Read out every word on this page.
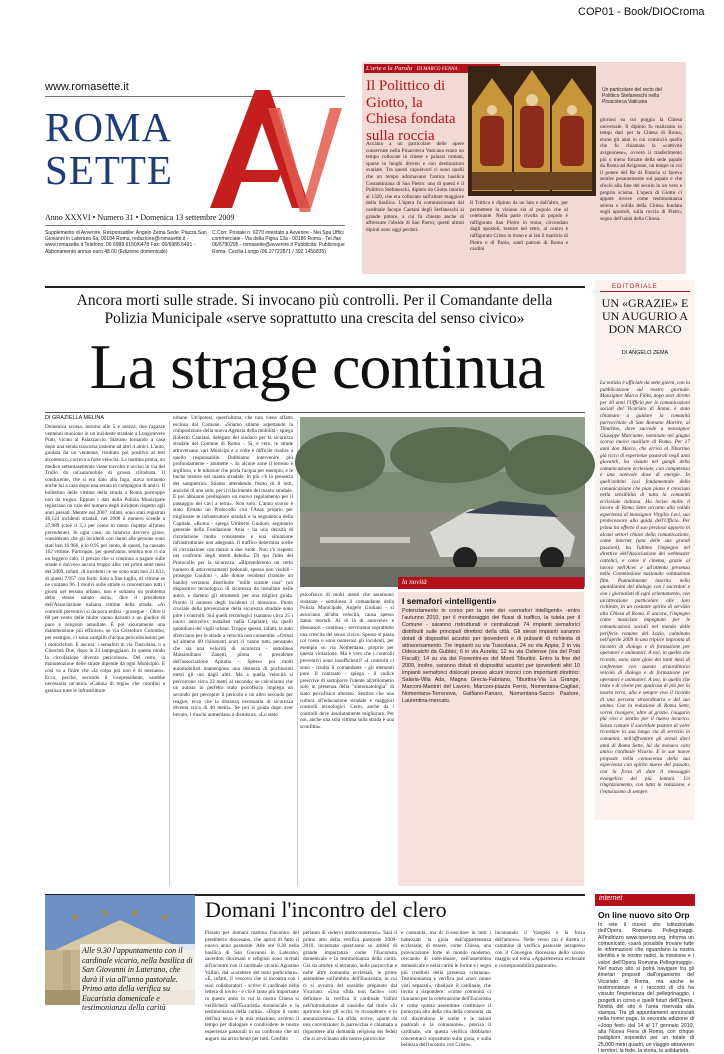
COP01 - Book/DIOCroma
www.romasette.it
ROMA
SETTE
Anno XXXVI • Numero 31 • Domenica 13 settembre 2009
Supplemento di Avvenire, Responsabile: Angelo Zema Sede: Piazza San Giovanni in Laterano 6a, 00184 Roma, redazione@romasette.it - www.romasette.it Telefono: 06 6988.6150/6478 Fax: 06/6988.6491 - Abbonamento annuo euro 48.00 (Edizione domenicale)
C.Corr. Postale n. 6270 intestato a Avvenire - Nei Spa Uffici commerciale - Via della Pigna 13a - 00186 Roma - Tel./fax 06/6790295 - romasette@avvenire.it Pubblicità: Publicinque Roma- Cecilia Longo (06.37722871 / 392 1456835)
L'arte e la Parola DI MARCO FENNA
Il Polittico di Giotto, la Chiesa fondata sulla roccia
Accanto a un particolare delle opere conservate nella Pinacoteca Vaticana erano un tempo collocate in chiese e palazzi romani, sparse in luoghi diversi e con destinazioni svariate. Tra questi capolavori ci sono quelli che un tempo adornavano l'antica basilica Costantiniana di San Pietro: uno di questi è il Polittico Stefaneschi, dipinto da Giotto intorno al 1320, che era collocato sull'altare maggiore della basilica. L'opera fu commissionata dal cardinale Iacopo Caetani degli Stefaneschi al grande pittore, a cui fu chiesto anche di affrescare l'abside di San Pietro; questi ultimi dipinti sono oggi perduti.
Il Trittico è dipinto da un lato e dall'altro, per permettere la visione sia al popolo che al celebrante. Nella parte rivolta al popolo è raffigurato San Pietro in trono, circondato dagli apostoli, mentre nel retro, al centro è raffigurato Cristo in trono e ai lati il martirio di Pietro e di Paolo, santi patroni di Roma e cardini
Un particolare del recto del Polittico Stefaneschi nella Pinacoteca Vaticana
gloriosi su cui poggia la Chiesa universale. Il dipinto fu realizzato in tempi duri per la Chiesa di Roma, erano gli anni in cui cominciò quella che fu chiamata la «cattività avignonese», ovvero il trasferimento più o meno forzato della sede papale da Roma ad Avignone, un tempo in cui il potere del Re di Francia si faceva sentire pesantemente sul papato e che sfociò alla fine del secolo in un vero e proprio scisma. L'opera di Giotto ci appare invece come testimonianza serena e solida della Chiesa fondata sugli apostoli, sulla roccia di Pietro, segno dell'unità della Chiesa.
Ancora morti sulle strade. Si invocano più controlli. Per il Comandante della Polizia Municipale «serve soprattutto una crescita del senso civico»
La strage continua
DI GRAZIELLA MELINA
Domenica scorsa, intorno alle 5 e mezza, due ragazze ventenni muoiono in un incidente stradale a Lungotevere Prati, vicino al Palazzaccio. Stavano tornando a casa dopo una serata trascorsa insieme ad altri 4 amici. L'auto, guidata da un ventenne, risultato poi positivo al test alcolemico, correva a forte velocità. La mattina prima, un medico settantasettenne viene travolto e ucciso in via del Trullo da un'automobile di grossa cilindrata. Il conducente, che si era dato alla fuga, stava tornando anche lui a casa dopo una serata in compagnia di amici. Il bollettino delle vittime della strada a Roma purtroppo non da tregua. Eppure i dati della Polizia Municipale registrano un calo del numero degli incidenti rispetto agli anni passati. Mentre nel 2007, infatti, sono stati registrati 40.124 incidenti stradali, nel 2008 il numero scende a 37.989 (cioè il 5,3 per cento in meno rispetto all'anno precedente). In ogni caso, un bilancio davvero grave, considerato che gli incidenti con danni alle persone sono stati ben 16.966, e lo 0,95 per cento, di questi, ha causato 162 vittime. Purtroppo, per quest'anno, sembra non ci sia un leggero calo, il prezzo che si continua a pagare sulle strade è davvero ancora troppo alto: nei primi sette mesi del 2009, infatti, di incidenti ce ne sono stati ben 21.832, di questi 7.957 con feriti. Sino a fine luglio, di vittime se ne contano 96. I motivi sulle strade si concentrano tutti i giorni nel tessuto urbano, non è soltanto un problema dello stesso sabato sera», dice il presidente dell'Associazione italiana vittime della strada. «Ai controlli preventivi si da poca enfasi - prosegue -. Oltre il 60 per cento delle multe vanno davanti a un giudice di pace e vengono annullate. È poi sicuramente una manutenzione più efficace» su via Cristoforo Colombo, per esempio, ci sono zampilli d'acqua pericolosissimi per i motociclisti. E ancora: i semafori in via Tuscolana, o a Cinecittà Due, dopo le 23 lampeggiano. In questo modo la circolazione diventa pericolosa». Del resto, la manutenzione delle strade dipende da ogni Municipio. E così va a finire che «la colpa poi non è di nessuno». Ecco, perché, secondo il vicepresidente, sarebbe necessaria un'unica «Cabina di regia» che coordini e gestisca tutte le infrastrutture
urbane. Un'ipotesi, quest'ultima, che non viene affatto esclusa dal Comune. «Stiamo stiamo aspettando la composizione della nuova Agenzia della mobilità - spiega Roberto Cantiani, delegato del sindaco per la sicurezza stradale del Comune di Roma -. Sì, è vero, le strade attraversano vari Municipi e a volte è difficile risalire a quello responsabile. Dobbiamo intervenire più profondamente - ammette -. In alcune zone il terreno è argilloso, e le tubature che porta l'acqua per esempio, e le buche mentre nel manto stradale, in più c'è la presenza dei sampietrini. Stiamo attendendo l'esito di 8 lotti, anziché di uno solo, per il rifacimento del manto stradale. E poi abbiamo predisposto un nuovo regolamento per il passaggio dei cavi a terra». Non solo. L'anno scorso è stato firmato un Protocollo con l'Anas proprio per migliorare le infrastrutture stradali e la segnaletica della Capitale. «Roma - spiega Umberto Guidoni, segretario generale della Fondazione Ania - ha una densità di circolazione molto consistente e una situazione infrastrutturale non adeguata. Il traffico determina scelte di circolazione con mezzi a due ruote. Non c'è rispetto nei confronti degli utenti deboli». Di qui l'idea del Protocollo per la sicurezza. «Riprenderemo un certo numero di attraversamenti pedonali, spesso non visibili - prosegue Guidoni -, alle donne residenti (tramite un bando) verranno distribuite "mille scatole rosa" (un dispositivo tecnologico di sicurezza da installare nelle auto), e daremo gli strumenti per una miglior guida. Pronto il numero degli incidenti ci monsono. Punto cruciale della prevenzione della sicurezza stradale sono pure i controlli. Sui quelli tecnologici (saranno circa 25 i nuovi autovelox installati nella Capitale), sia quelli quotidiani dei vigili urbani. Troppo spesso, infatti, le auto sfrecciano per le strade a velocità non consentite. «Ormai ad almeno 60 chilometri orari ci vanno tutti, pensando che sia una velocità di sicurezza - sottolinea Massimiliano Zanetti, pilota e presidente dell'associazione Apitalia -. Spesso poi molti automobilisti mantengono una distanza di pochissimi metri gli uni dagli altri. Ma a quella velocità si percorrono circa 22 metri al secondo; se calcoliamo che un autista in perfetto stato psicofisico impiega un secondo per percepire il pericolo e un altro secondo per reagire, ecco che la distanza necessaria di sicurezza diventa circa di 40 metri». Se poi si guida dopo aver bevuto, i riuschi aumentano a dismisura. «Lo stato
la novità
I semafori «intelligenti»
Potenziamento in corso per la rete dei «semafori intelligenti» -entro l'autunno 2010, per il monitoraggio dei flussi di traffico, la tutela per il Comune - saranno ristrutturati e centralizzati 74 impianti semaforici distribuiti sulle principali direttrici della città. Gli stessi impianti saranno dotati di dispositivi acustici per ipovedenti e di pulsanti di richiesta di attraversamento. Tre impianti su via Tuscolana, 24 su via Appia; 2 in via Odescalchi da Gubbio; 6 in via Aurelia; 12 su via Ostiense (via del Prati Fiscali); 14 su via dei Fiorentini-ex del Monti Tiburtini. Entro la fine del 2009, inoltre, saranno dotati di dispositivi acustici per ipovedenti altri 10 impianti semaforici dislocati presso alcuni incroci con importanti direttrici: Salaria-Villa Ada, Magna Grecia-Fabriano, Tiburtina-Via La Grange, Marconi-Mantriri del Lavoro, Marconi-piazza Ferris, Nomentana-Cagliari, Nomentana-Torrenova, Galfiano-Panaro, Nomentana-Sacco Pastore, Laurentina-mercato.
psicofisico di molti utenti che assumono sostanze - sottolinea il comandante della Polizia Municipale, Angelo Giuliani - si associano all'alta velocità, causa spesso danni mortali. Al di là di autovelox e dissuasori - continua - serviranno soprattutto una crescita del senso civico. Spesso si passa col rosso e sono numerosi gli incidenti, per esempio su via Nomentana, proprio per questa violazione. Ma è vero che i controlli preventivi sono insufficienti? «I controlli ci sono - risulta il comandante - gli elementi pure. Il contrasto - spiega - il codice prescrive di sottoporre l'utente all'etilometro solo in presenza della "sintomatologia" di stato psicofisico alterato. Sembra che una cultura all'educazione stradale e maggiori controlli tecnologici. Certo, anche da i controlli deve assolutamente migliorare. Per noi, anche una sola vittima sulla strada è una sconfitta».
EDITORIALE
UN «GRAZIE» E UN AUGURIO A DON MARCO
DI ANGELO ZEMA
La notizia è ufficiale da sette giorni, con la pubblicazione sul nostro giornale. Monsignor Marco Fibbi, dopo aver diretto per 10 anni l'Ufficio per le comunicazioni sociali del Vicariato di Roma, è stato chiamato a guidare la comunità parrocchiale di San Romano Martire, al Tiburtino, dove succede a monsignor Giuseppe Marciante, nominato nel giugno scorso nuovo ausiliare di Roma. Per 17 anni don Marco, che arriva al Tiburtino già ricco di esperienze pastorali negli anni giovanili, ha vissuto nei gangli della comunicazione ecclesiale, con competenza e una notevole dose di energie. In quell'ambito così fondamentale della comunicazione che pian piano è cresciuto nella sensibilità di tutta la comunità ecclesiale italiana. Ha inciso molto il lavoro di Roma Sette accanto alla valida esperienza di monsignor Virgilio Levi, suo predecessore alla guida dell'Ufficio. Per prima ha offerto il suo prezioso apporto in alcuni settori chiave della comunicazione, come internet (una delle sue grandi passioni), ha l'ultimo l'impegno nel direttivo dell'Associazione dei webmaster cattolici, e come il cinema, grazie al lavoro nell'Acec e all'attenta presenza nella Commissione nazionale valutazione film. Puntualmente inserito nella quotidianità del dialogo con i sacerdoti e con i giornalisti di ogni orientamento, con un'attenzione particolare alle loro richieste, in un costante spirito di servizio alla Chiesa di Roma. E ancora, l'impegno come musicista impegnato per le comunicazioni sociali nel mondo delle periferie romane del Lazio, culminato nell'aprile 2009 in una triplice impronta di incontri di dialogo e di formazione per operatori e animatori. A noi, in quello che ricordo, sono state gioie dei tanti mesi di conferenze con questo straordinario veicolo di dialogo e di formazione per operatori e animatori. A noi, in quello che resta e di vivere per qualcosa di più per la nostra terra, alla e sempre vivo il ricordo di una persona straordinaria e del suo animo. Con la redazione di Roma Sette, vorrei rivolgere, oltre al grazie, l'augurio più vivo e sentito per il nuovo incarico. Senza contare il sacerdote pastore di voler ricordare la sua lunga via di servizio in comunità, nell'affrontare gli ormai dieci anni di Roma Sette, lui da monaco caro amico cardinale Vicario. E le sue nuove proposte nella conoscenza della sua esperienza con spirito nuovo del passato, con la forza di dare il messaggio evangelico dei più lontani. Un ringraziamento, con tutta la redazione, e l'entusiasmo di sempre.
Alle 9.30 l'appuntamento con il cardinale vicario, nella basilica di San Giovanni in Laterano, che darà il via all'anno pastorale. Primo atto della verifica su Eucaristia domenicale e testimonianza della carità
Domani l'incontro del clero
Fissato per domani mattina l'incontro del presbiterio diocesano, che aprirà di fatto il nuovo anno pastorale. Alle ore 9.30 nella basilica di San Giovanni in Laterano, sacerdoti diocesani e religiosi sono invitati all'incontro con il cardinale vicario Agostino Vallini, dal «carattere del tutto particolare». «È, infatti, il vescovo che si incontra con i suoi collaboratori - scrive il cardinale nella lettera di invito - e ciò è tanto più importante in questo anno in cui la nostra Chiesa si verificherà sull'Eucaristia domenicale e la testimonianza della carità». «Dopo il canto dell'ora terza e la mia relazione, avremo il tempo per dialogare e condividere le nostre esperienze pastorali in un confronto che mi auguro sia arricchente per tutti. Confido
pertanto di vedervi molto numerosi». Sarà il primo atto della verifica pastorale 2009-2010, incentrata quest'anno su ambiti di grande importanza come l'Eucaristia domenicale e la testimonianza della carità. Già da ottobre si terranno, nelle parrocchie e nelle altre comunità ecclesiali, le prime assemblee sull'ambito dell'Eucaristia, in cui ci si avvarrà del sussidio preparato dal Vicariato. «Una sfida non facile» così definisce la verifica il cardinale Vallini nell'introduzione al sussidio dal titolo «Si aprirono loro gli occhi, lo riconobbero e lo annunziarono». La sfida, scrive, «parte da una convinzione: la parrocchia è chiamata a rispondere alla domanda religiosa dei fedeli che si avvicinano alle nostre parrocchie
e comunità, ma di ri-suscitare in tutti i battezzati la gioia dell'appartenenza ecclesiale; di essere, come Chiesa, una provocazione forte al mondo moderno, cercando di individuare, nell'assemblea domenicale e nella carità le forme e i segni più credibili della presenza cristiana». Testimonianza e verifica poi «non vanno visti separati», ribadisce il cardinale, che invita a rispondere: «come comunità ci riuniamo per la celebrazione dell'Eucaristia e come questa assemblea costituisce il punto più alto della vita della comunità, da cui discendono le scelte e le azioni pastorali e la comunione», precisa il cardinale, «in questa verifica dobbiamo concentrarci soprattutto sulla gioia, e sulla bellezza dell'incontro con Cristo».
incarnando il Vangelo e la forza dell'amore». Nelle verso cui è diretto il cammino di verifica pastorale intrapreso con il Convegno diocesano dello scorso maggio sul tema «Appartenenza ecclesiale e corresponsabilità pastorale».
internet
On line nuovo sito Orp
In rete il nuovo sito istituzionale dell'Opera Romana Pellegrinaggi. All'indirizzo www.operorp.org, informa un comunicato, «sarà possibile trovare tutte le informazioni che riguardano la nostra identità e le nostre radici, la missione e i valori dell'Opera Romana Pellegrinaggi». Nel nuovo sito si potrà navigare tra gli itinerari proposti dall'organismo del Vicariato di Roma, ma anche le testimonianze e i racconti di chi ha vissuto l'esperienza del pellegrinaggio, i progetti in corso e quelli futuri dell'Opera. Novità del sito è l'area riservata alla stampa. Tra gli appuntamenti annunciati nella home page, la seconda edizione di «Joop fest» dal 14 al 17 gennaio 2010, alla Nuova Fiera di Roma, con cinque padiglioni espositivi per un totale di 25.000 metri quadri, un viaggio attraverso i territori, la fede, la storia, la solidarietà.
